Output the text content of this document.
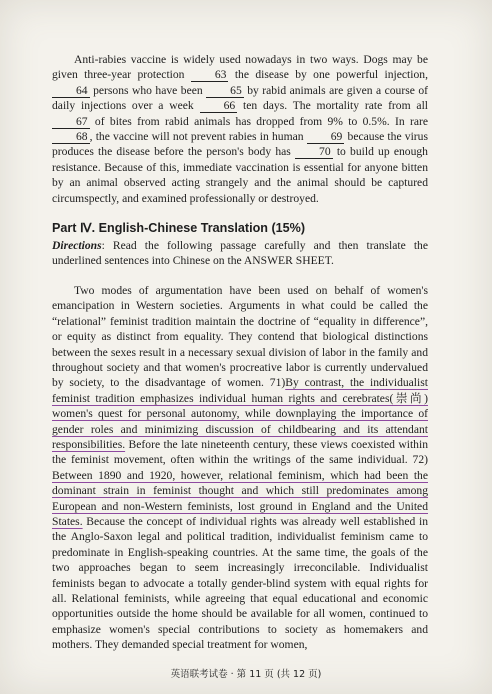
Anti-rabies vaccine is widely used nowadays in two ways. Dogs may be given three-year protection	63 the disease by one powerful injection, 64 persons who have been 65 by rabid animals are given a course of daily injections over a week	66 ten days. The mortality rate from all 67 of bites from rabid animals has dropped from 9% to 0.5%. In rare 68 , the vaccine will not prevent rabies in human 69 because the virus produces the disease before the person's body has 70 to build up enough resistance. Because of this, immediate vaccination is essential for anyone bitten by an animal observed acting strangely and the animal should be captured circumspectly, and examined professionally or destroyed.

Part Ⅳ. English-Chinese Translation (15%)

Directions: Read the following passage carefully and then translate the underlined sentences into Chinese on the ANSWER SHEET.

Two modes of argumentation have been used on behalf of women's emancipation in Western societies. Arguments in what could be called the “relational” feminist tradition maintain the doctrine of “equality in difference”, or equity as distinct from equality. They contend that biological distinctions between the sexes result in a necessary sexual division of labor in the family and throughout society and that women's procreative labor is currently undervalued by society, to the disadvantage of women. 71)By contrast, the individualist feminist tradition emphasizes individual human rights and cerebrates(崇尚) women's quest for personal autonomy, while downplaying the importance of gender roles and minimizing discussion of childbearing and its attendant responsibilities. Before the late nineteenth century, these views coexisted within the feminist movement, often within the writings of the same individual. 72) Between 1890 and 1920, however, relational feminism, which had been the dominant strain in feminist thought and which still predominates among European and non-Western feminists, lost ground in England and the United States. Because the concept of individual rights was already well established in the Anglo-Saxon legal and political tradition, individualist feminism came to predominate in English-speaking countries. At the same time, the goals of the two approaches began to seem increasingly irreconcilable. Individualist feminists began to advocate a totally gender-blind system with equal rights for all. Relational feminists, while agreeing that equal educational and economic opportunities outside the home should be available for all women, continued to emphasize women's special contributions to society as homemakers and mothers. They demanded special treatment for women,

英语联考试卷 · 第 11 页 (共 12 页)
